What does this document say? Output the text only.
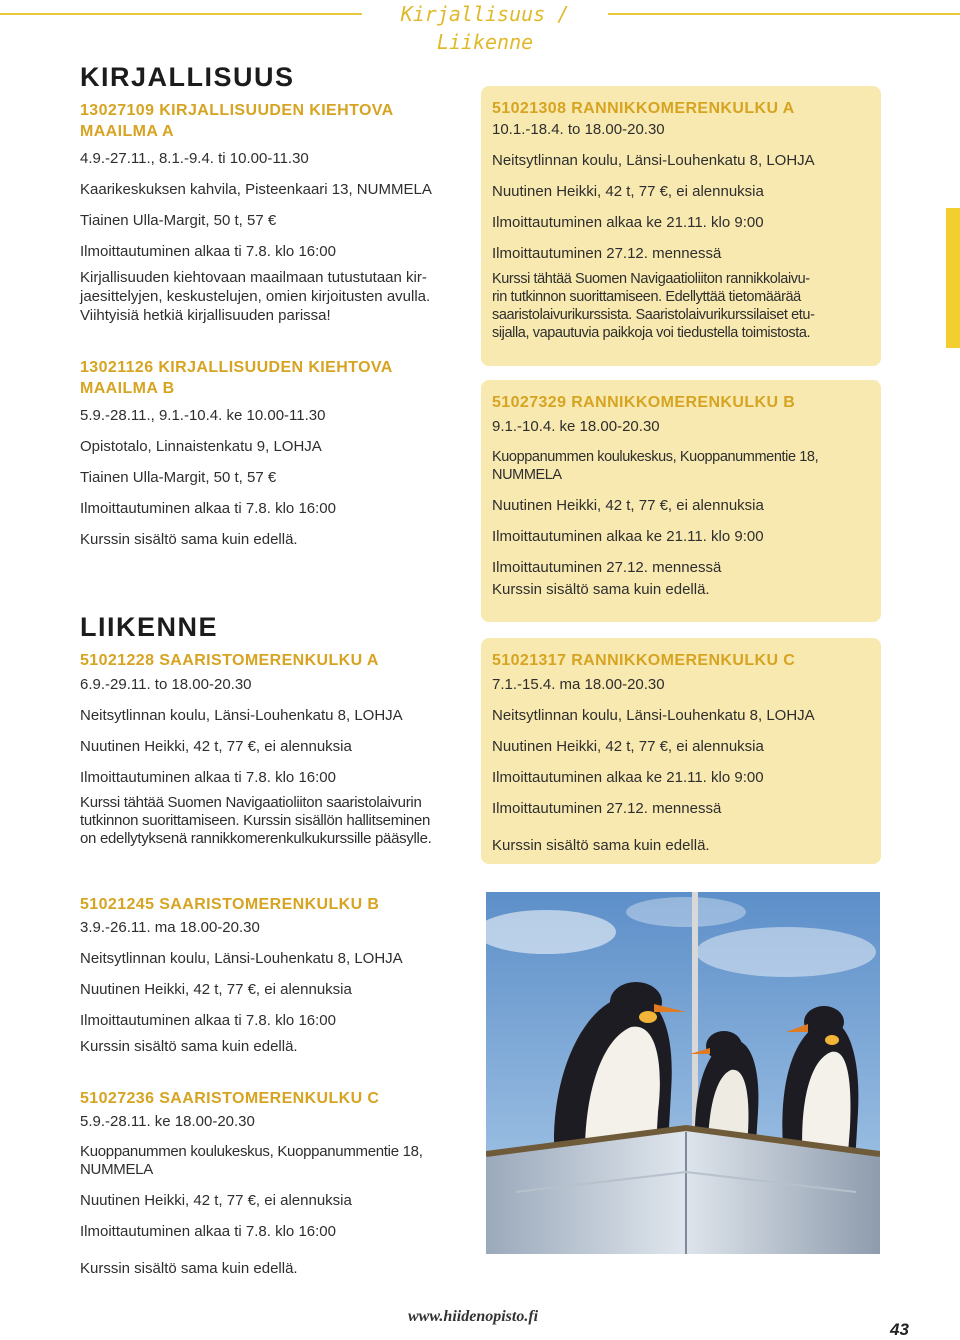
Kirjallisuus / Liikenne
KIRJALLISUUS
13027109 KIRJALLISUUDEN KIEHTOVA
MAAILMA A

4.9.-27.11., 8.1.-9.4. ti 10.00-11.30

Kaarikeskuksen kahvila, Pisteenkaari 13, NUMMELA

Tiainen Ulla-Margit, 50 t, 57 €

Ilmoittautuminen alkaa ti 7.8. klo 16:00

Kirjallisuuden kiehtovaan maailmaan tutustutaan kir-
jaesittelyjen, keskustelujen, omien kirjoitusten avulla.
Viihtyisiä hetkiä kirjallisuuden parissa!
13021126 KIRJALLISUUDEN KIEHTOVA
MAAILMA B

5.9.-28.11., 9.1.-10.4. ke 10.00-11.30

Opistotalo, Linnaistenkatu 9, LOHJA

Tiainen Ulla-Margit, 50 t, 57 €

Ilmoittautuminen alkaa ti 7.8. klo 16:00

Kurssin sisältö sama kuin edellä.

LIIKENNE
51021228 SAARISTOMERENKULKU A

6.9.-29.11. to 18.00-20.30

Neitsytlinnan koulu, Länsi-Louhenkatu 8, LOHJA

Nuutinen Heikki, 42 t, 77 €, ei alennuksia

Ilmoittautuminen alkaa ti 7.8. klo 16:00

Kurssi tähtää Suomen Navigaatioliiton saaristolaivurin
tutkinnon suorittamiseen. Kurssin sisällön hallitseminen
on edellytyksenä rannikkomerenkulkukurssille pääsylle.
51021245 SAARISTOMERENKULKU B

3.9.-26.11. ma 18.00-20.30

Neitsytlinnan koulu, Länsi-Louhenkatu 8, LOHJA

Nuutinen Heikki, 42 t, 77 €, ei alennuksia

Ilmoittautuminen alkaa ti 7.8. klo 16:00

Kurssin sisältö sama kuin edellä.

51027236 SAARISTOMERENKULKU C

5.9.-28.11. ke 18.00-20.30

Kuoppanummen koulukeskus, Kuoppanummentie 18,
NUMMELA

Nuutinen Heikki, 42 t, 77 €, ei alennuksia

Ilmoittautuminen alkaa ti 7.8. klo 16:00

Kurssin sisältö sama kuin edellä.

51021308 RANNIKKOMERENKULKU A

10.1.-18.4. to 18.00-20.30

Neitsytlinnan koulu, Länsi-Louhenkatu 8, LOHJA

Nuutinen Heikki, 42 t, 77 €, ei alennuksia

Ilmoittautuminen alkaa ke 21.11. klo 9:00

Ilmoittautuminen 27.12. mennessä

Kurssi tähtää Suomen Navigaatioliiton rannikkolaivu-
rin tutkinnon suorittamiseen. Edellyttää tietomäärää
saaristolaivurikurssista. Saaristolaivurikurssilaiset etu-
sijalla, vapautuvia paikkoja voi tiedustella toimistosta.
51027329 RANNIKKOMERENKULKU B

9.1.-10.4. ke 18.00-20.30

Kuoppanummen koulukeskus, Kuoppanummentie 18,
NUMMELA

Nuutinen Heikki, 42 t, 77 €, ei alennuksia

Ilmoittautuminen alkaa ke 21.11. klo 9:00

Ilmoittautuminen 27.12. mennessä

Kurssin sisältö sama kuin edellä.

51021317 RANNIKKOMERENKULKU C

7.1.-15.4. ma 18.00-20.30

Neitsytlinnan koulu, Länsi-Louhenkatu 8, LOHJA

Nuutinen Heikki, 42 t, 77 €, ei alennuksia

Ilmoittautuminen alkaa ke 21.11. klo 9:00

Ilmoittautuminen 27.12. mennessä

Kurssin sisältö sama kuin edellä.

www.hiidenopisto.fi
43
